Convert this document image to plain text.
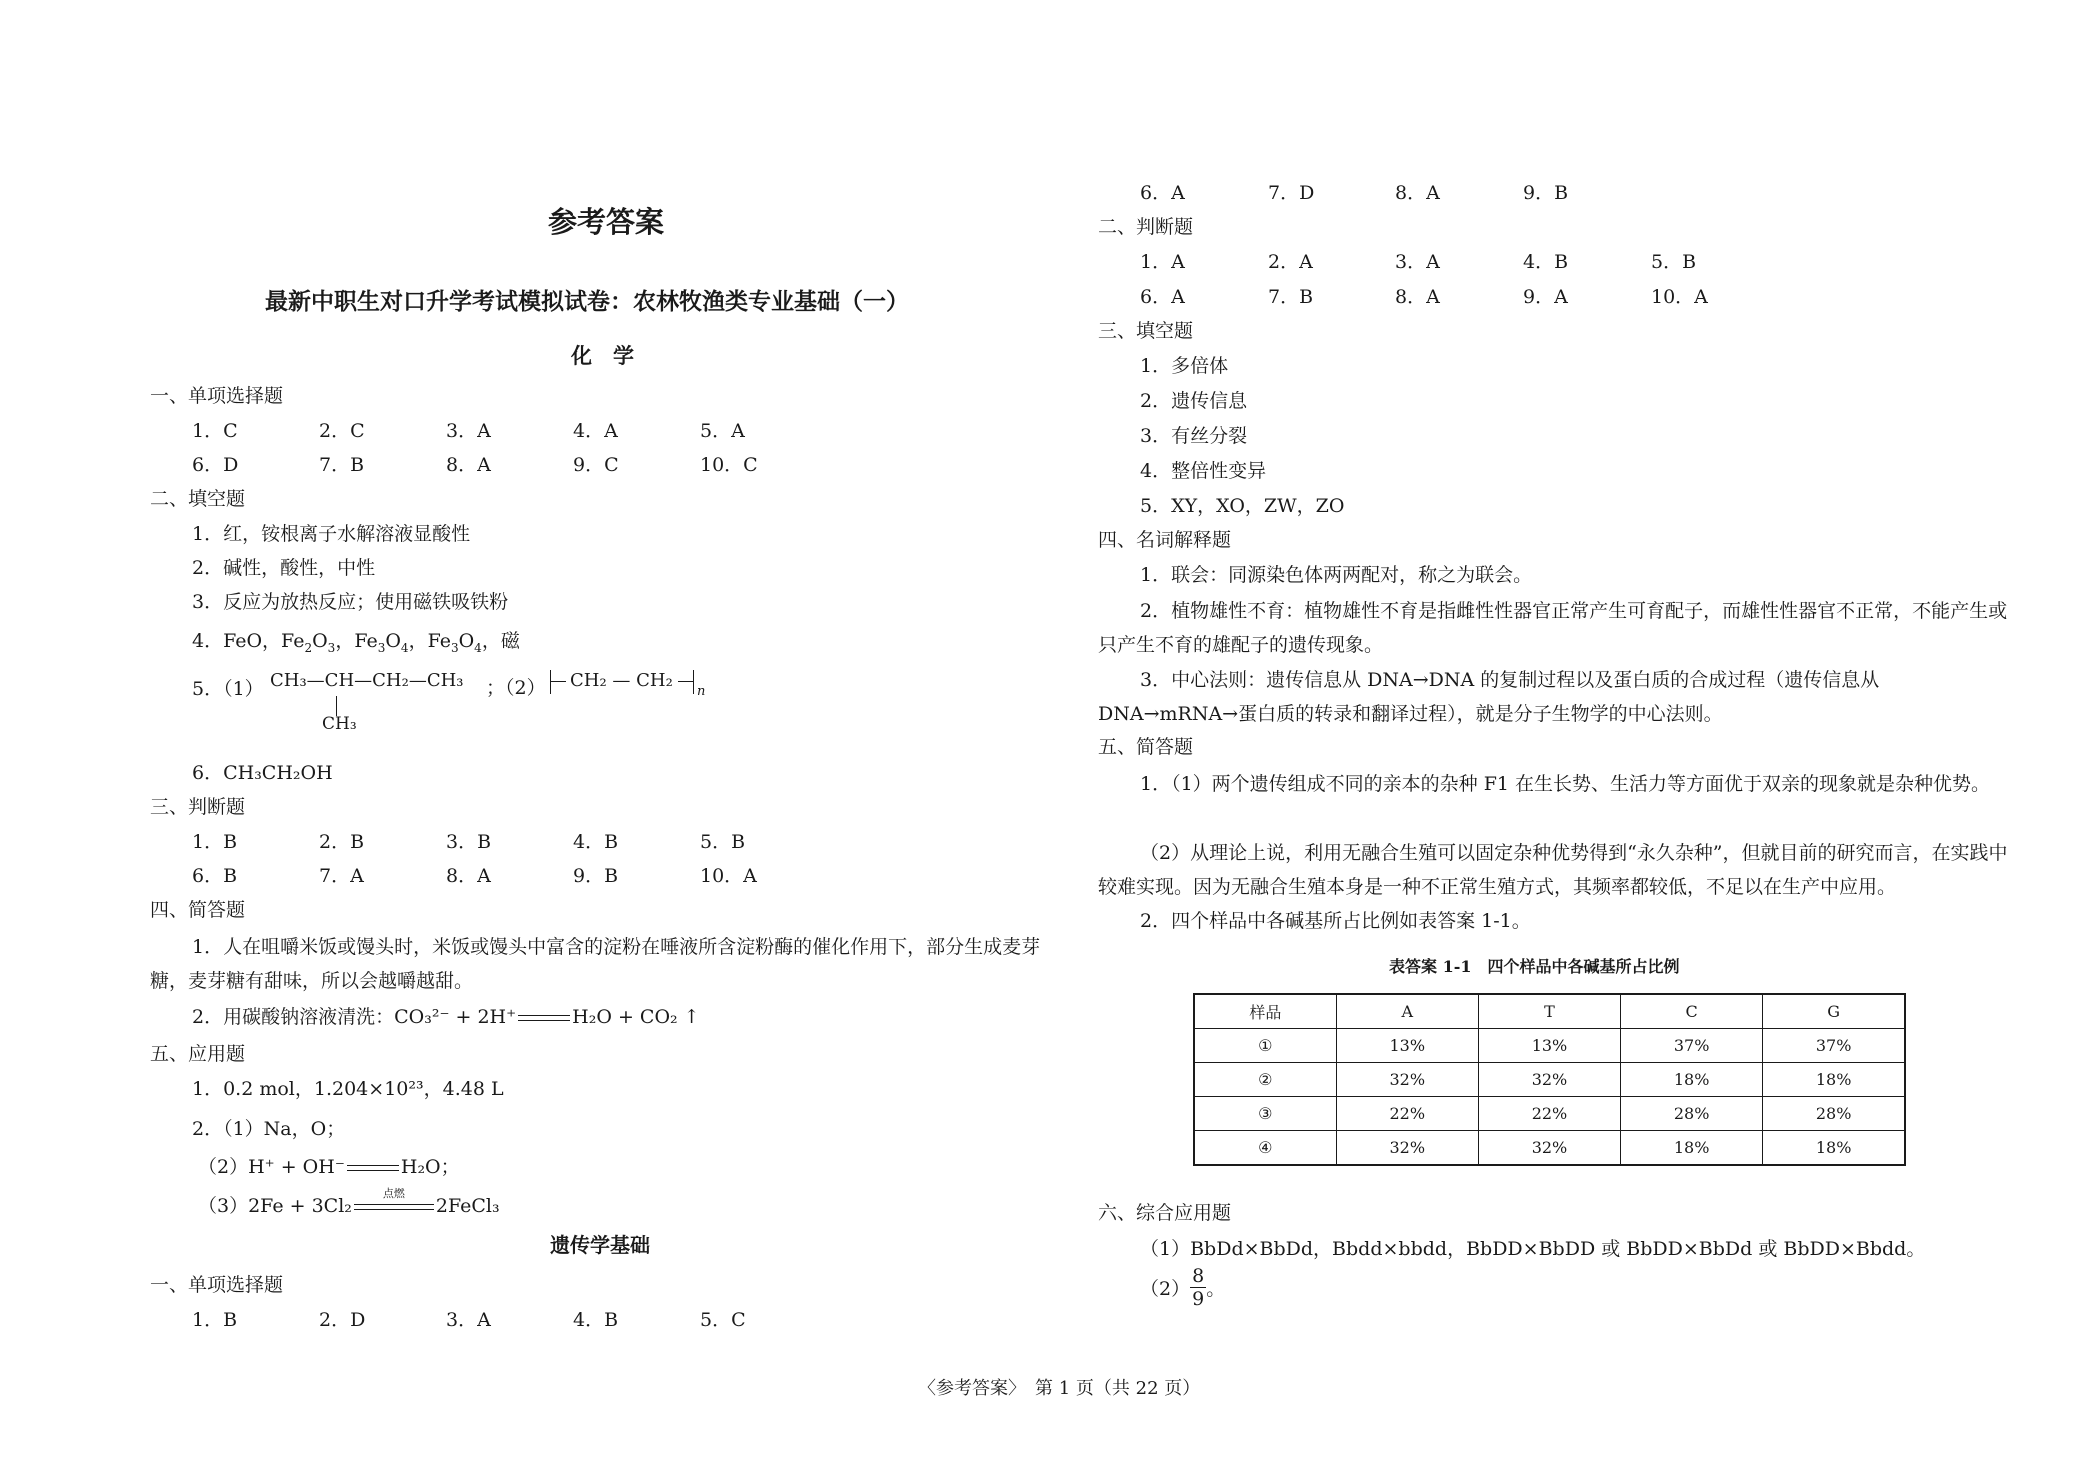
参考答案
最新中职生对口升学考试模拟试卷：农林牧渔类专业基础（一）
化　学
一、单项选择题
1．C	2．C	3．A	4．A	5．A
6．D	7．B	8．A	9．C	10．C
二、填空题
1．红，铵根离子水解溶液显酸性
2．碱性，酸性，中性
3．反应为放热反应；使用磁铁吸铁粉
4．FeO，$Fe_2O_3$，$Fe_3O_4$，$Fe_3O_4$，磁
5．（1） CH₃—CH—CH₂—CH₃
CH₃
；（2） CH₂ — CH₂
n
6．CH₃CH₂OH
三、判断题
1．B	2．B	3．B	4．B	5．B
6．B	7．A	8．A	9．B	10．A
四、简答题
1．人在咀嚼米饭或馒头时，米饭或馒头中富含的淀粉在唾液所含淀粉酶的催化作用下，部分生成麦芽糖，麦芽糖有甜味，所以会越嚼越甜。
2．用碳酸钠溶液清洗：CO₃²⁻ + 2H⁺	H₂O + CO₂ ↑
五、应用题
1．0.2 mol，1.204×10²³，4.48 L
2．（1）Na，O；
（2）H⁺ + OH⁻	H₂O；
（3）2Fe + 3Cl₂
点燃
2FeCl₃
遗传学基础
一、单项选择题
1．B	2．D	3．A	4．B	5．C
6．A	7．D	8．A	9．B
二、判断题
1．A	2．A	3．A	4．B	5．B
6．A	7．B	8．A	9．A	10．A
三、填空题
1．多倍体
2．遗传信息
3．有丝分裂
4．整倍性变异
5．XY，XO，ZW，ZO
四、名词解释题
1．联会：同源染色体两两配对，称之为联会。
2．植物雄性不育：植物雄性不育是指雌性性器官正常产生可育配子，而雄性性器官不正常，不能产生或只产生不育的雄配子的遗传现象。
3．中心法则：遗传信息从 DNA→DNA 的复制过程以及蛋白质的合成过程（遗传信息从 DNA→mRNA→蛋白质的转录和翻译过程），就是分子生物学的中心法则。
五、简答题
1．（1）两个遗传组成不同的亲本的杂种 F1 在生长势、生活力等方面优于双亲的现象就是杂种优势。
（2）从理论上说，利用无融合生殖可以固定杂种优势得到“永久杂种”，但就目前的研究而言，在实践中较难实现。因为无融合生殖本身是一种不正常生殖方式，其频率都较低，不足以在生产中应用。
2．四个样品中各碱基所占比例如表答案 1-1。
表答案 1-1　四个样品中各碱基所占比例
样品	A	T	C	G
①	13%	13%	37%	37%
②	32%	32%	18%	18%
③	22%	22%	28%	28%
④	32%	32%	18%	18%
六、综合应用题
（1）BbDd×BbDd，Bbdd×bbdd，BbDD×BbDD 或 BbDD×BbDd 或 BbDD×Bbdd。
$(2) \frac{8}{9}$ 。
〈参考答案〉　第 1 页（共 22 页）
